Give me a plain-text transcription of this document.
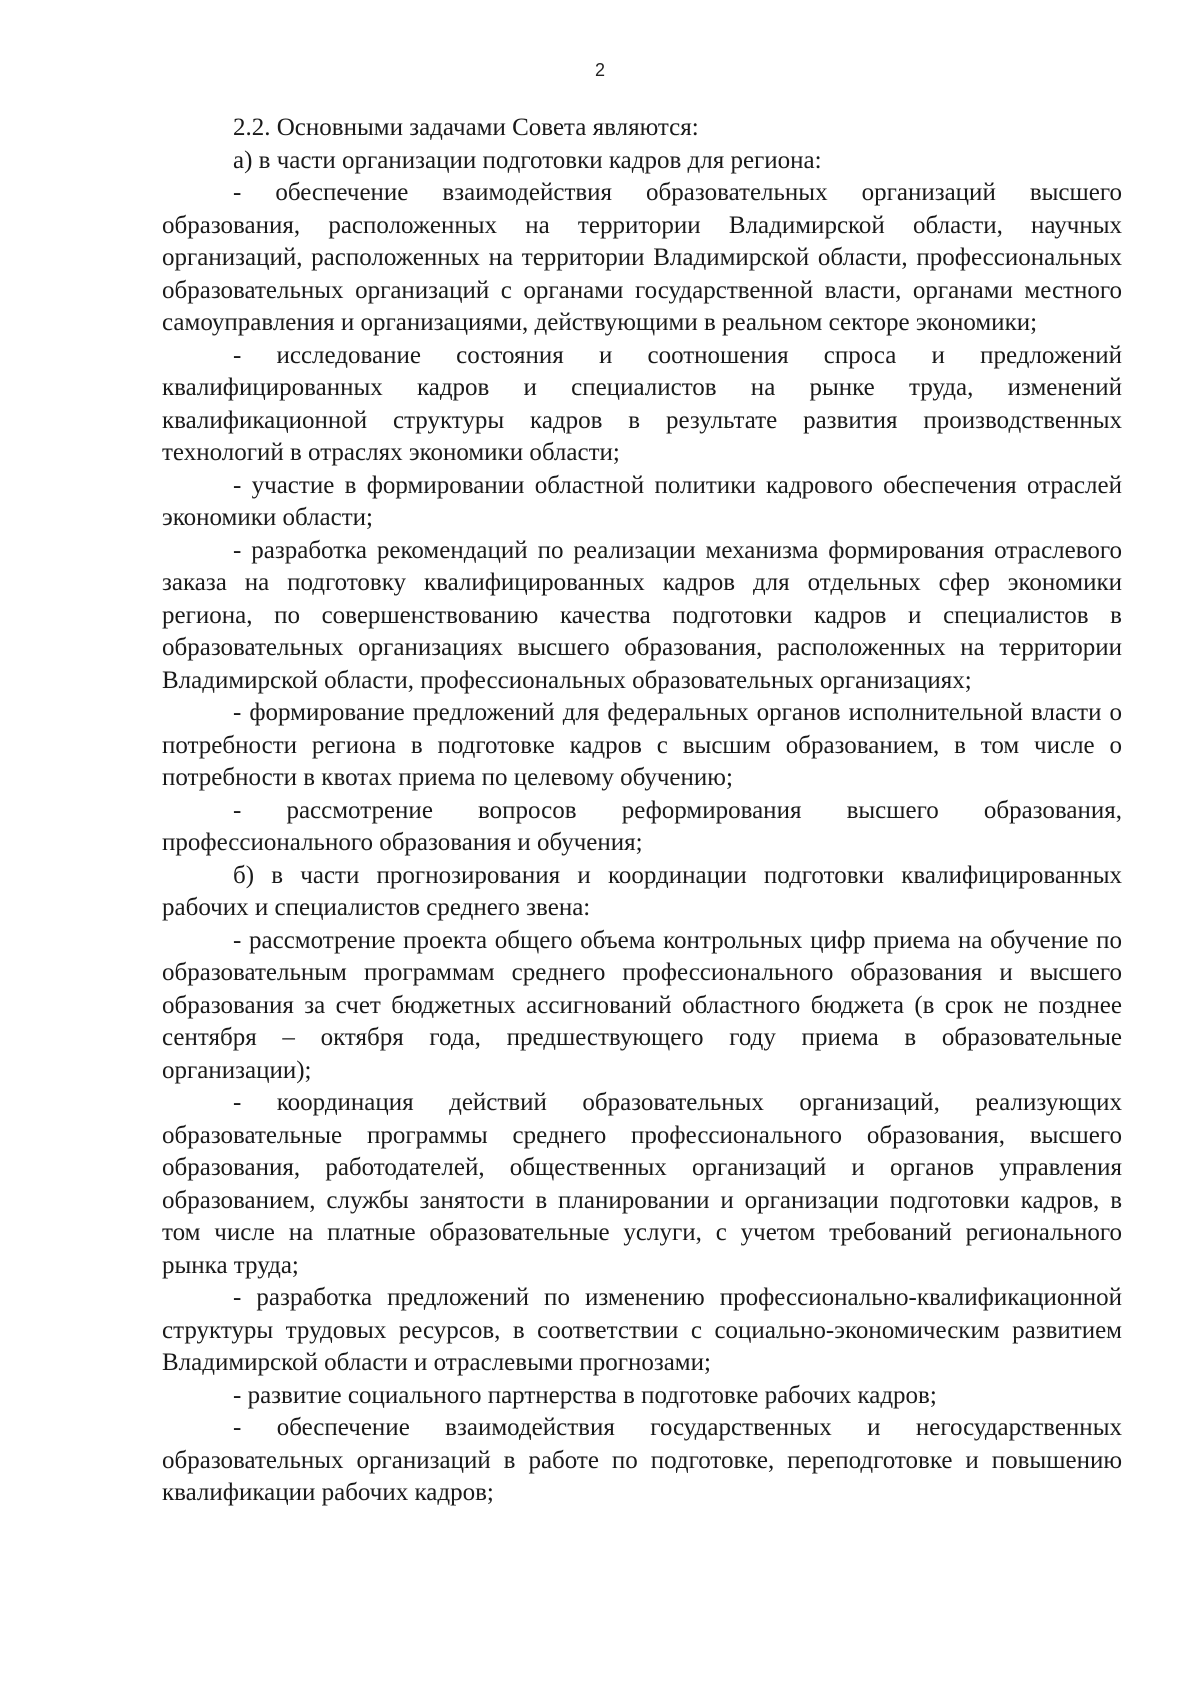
2

2.2. Основными задачами Совета являются:

а) в части организации подготовки кадров для региона:

- обеспечение взаимодействия образовательных организаций высшего образования, расположенных на территории Владимирской области, научных организаций, расположенных на территории Владимирской области, профессиональных образовательных организаций с органами государственной власти, органами местного самоуправления и организациями, действующими в реальном секторе экономики;

- исследование состояния и соотношения спроса и предложений квалифицированных кадров и специалистов на рынке труда, изменений квалификационной структуры кадров в результате развития производственных технологий в отраслях экономики области;

- участие в формировании областной политики кадрового обеспечения отраслей экономики области;

- разработка рекомендаций по реализации механизма формирования отраслевого заказа на подготовку квалифицированных кадров для отдельных сфер экономики региона, по совершенствованию качества подготовки кадров и специалистов в образовательных организациях высшего образования, расположенных на территории Владимирской области, профессиональных образовательных организациях;

- формирование предложений для федеральных органов исполнительной власти о потребности региона в подготовке кадров с высшим образованием, в том числе о потребности в квотах приема по целевому обучению;

- рассмотрение вопросов реформирования высшего образования, профессионального образования и обучения;

б) в части прогнозирования и координации подготовки квалифицированных рабочих и специалистов среднего звена:

- рассмотрение проекта общего объема контрольных цифр приема на обучение по образовательным программам среднего профессионального образования и высшего образования за счет бюджетных ассигнований областного бюджета (в срок не позднее сентября – октября года, предшествующего году приема в образовательные организации);

- координация действий образовательных организаций, реализующих образовательные программы среднего профессионального образования, высшего образования, работодателей, общественных организаций и органов управления образованием, службы занятости в планировании и организации подготовки кадров, в том числе на платные образовательные услуги, с учетом требований регионального рынка труда;

- разработка предложений по изменению профессионально-квалификационной структуры трудовых ресурсов, в соответствии с социально-экономическим развитием Владимирской области и отраслевыми прогнозами;

- развитие социального партнерства в подготовке рабочих кадров;

- обеспечение взаимодействия государственных и негосударственных образовательных организаций в работе по подготовке, переподготовке и повышению квалификации рабочих кадров;
